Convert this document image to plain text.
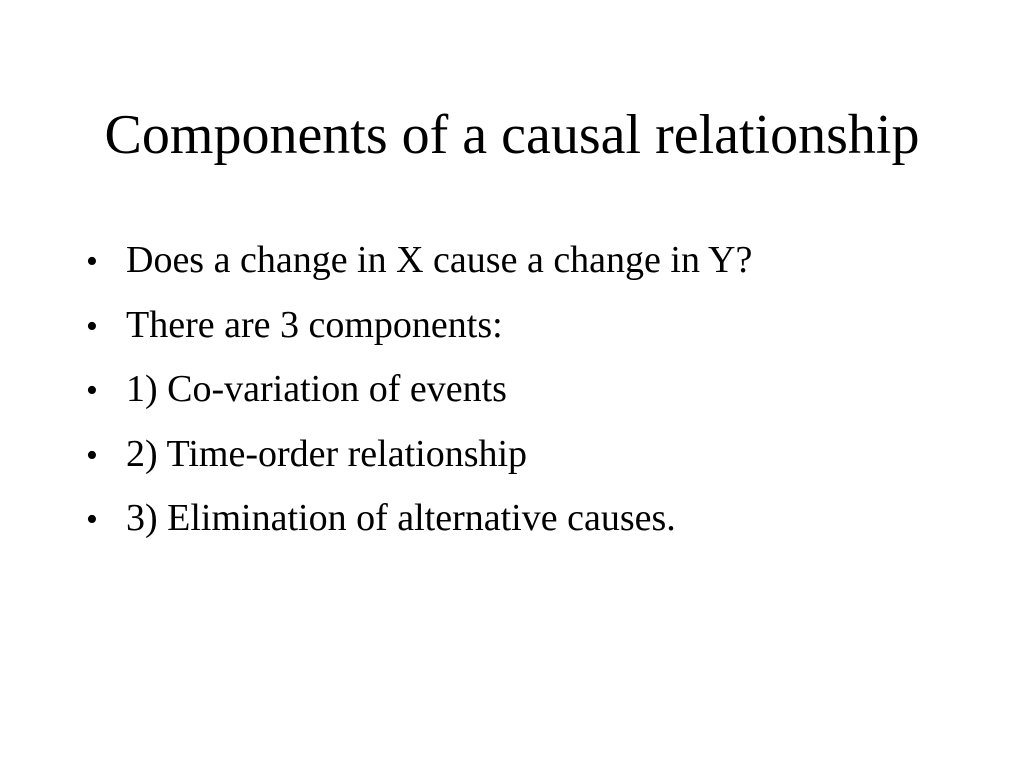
Components of a causal relationship
• Does a change in X cause a change in Y?
• There are 3 components:
• 1) Co-variation of events
• 2) Time-order relationship
• 3) Elimination of alternative causes.
